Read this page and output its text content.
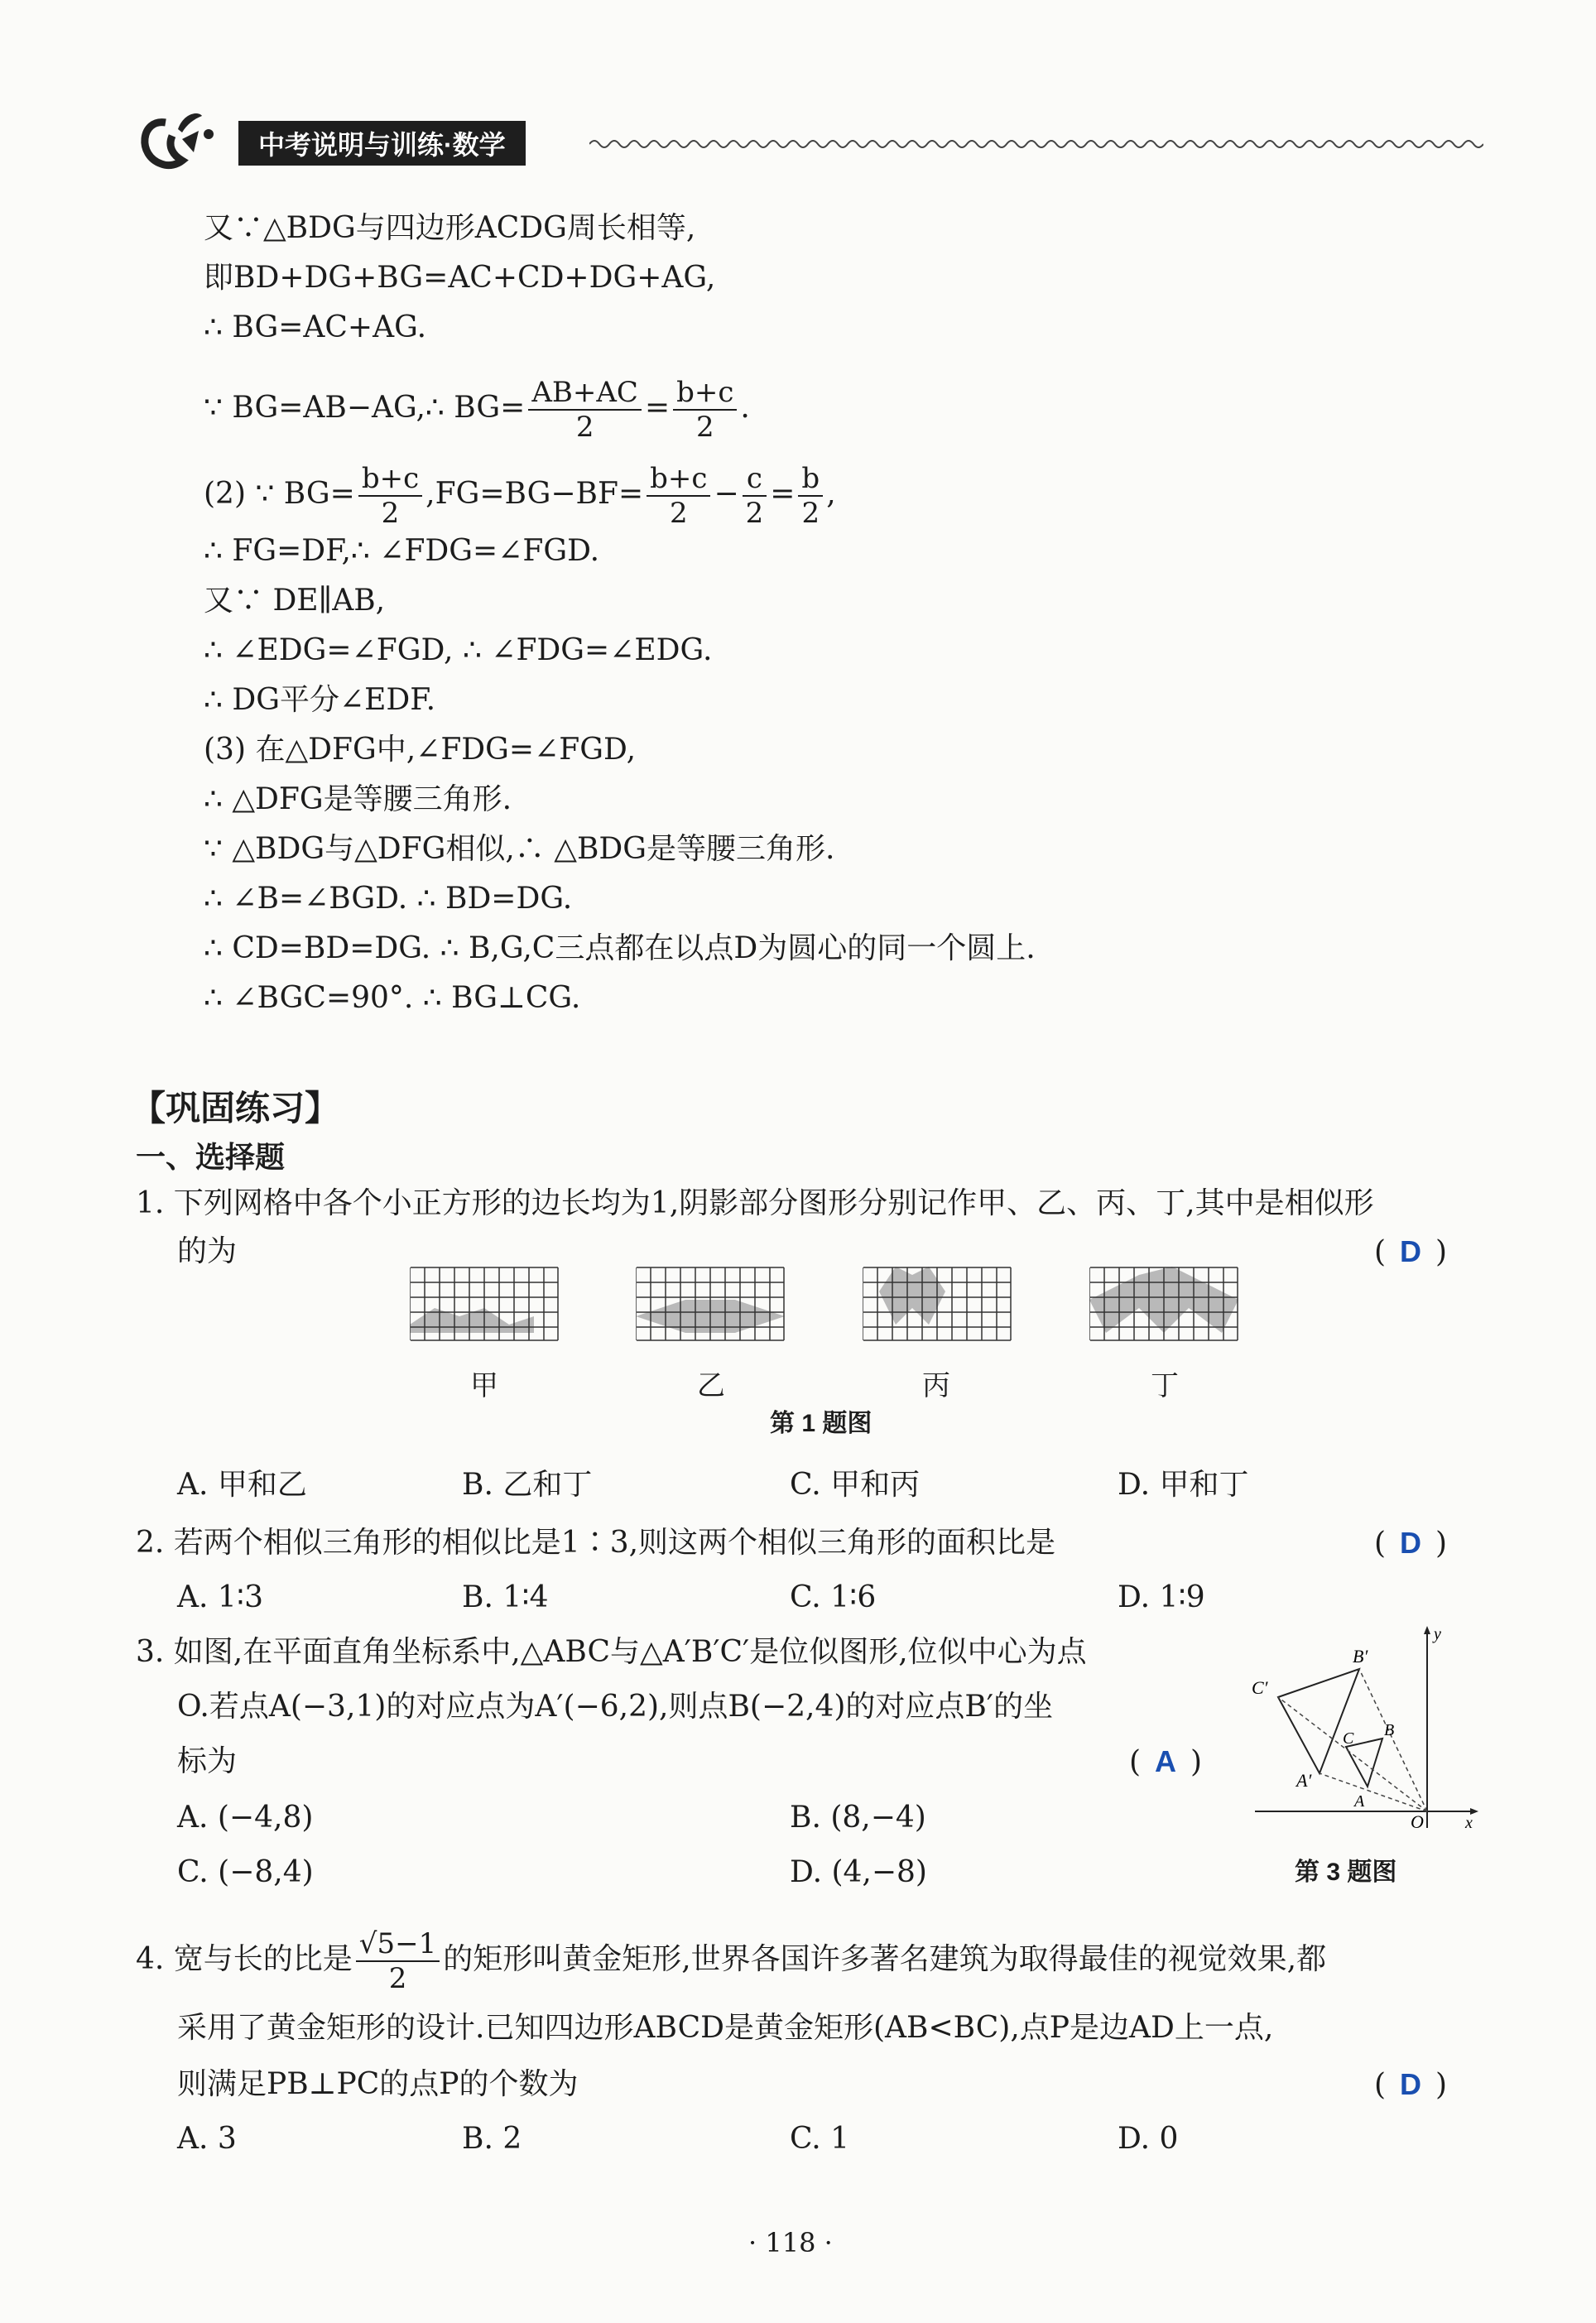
中考说明与训练·数学
又∵△BDG与四边形ACDG周长相等,
即BD+DG+BG=AC+CD+DG+AG,
∴ BG=AC+AG.
∵ BG=AB−AG,∴ $BG= \frac{AB+AC}{2} = \frac{b+c}{2}$ .
(2) ∵ $BG= \frac{b+c}{2} ,FG=BG-BF= \frac{b+c}{2} - \frac{c}{2} = \frac{b}{2}$ ,
∴ FG=DF,∴ ∠FDG=∠FGD.
又∵ DE∥AB,
∴ ∠EDG=∠FGD, ∴ ∠FDG=∠EDG.
∴ DG平分∠EDF.
(3) 在△DFG中,∠FDG=∠FGD,
∴ △DFG是等腰三角形.
∵ △BDG与△DFG相似,∴ △BDG是等腰三角形.
∴ ∠B=∠BGD. ∴ BD=DG.
∴ CD=BD=DG. ∴ B,G,C三点都在以点D为圆心的同一个圆上.
∴ ∠BGC=90°. ∴ BG⊥CG.
【巩固练习】
一、选择题
1. 下列网格中各个小正方形的边长均为1,阴影部分图形分别记作甲、乙、丙、丁,其中是相似形
的为	( D )
甲	乙	丙	丁
第 1 题图
A. 甲和乙	B. 乙和丁	C. 甲和丙	D. 甲和丁
2. 若两个相似三角形的相似比是1∶3,则这两个相似三角形的面积比是	( D )
A. 1∶3	B. 1∶4	C. 1∶6	D. 1∶9
3. 如图,在平面直角坐标系中,△ABC与△A′B′C′是位似图形,位似中心为点
O.若点A(−3,1)的对应点为A′(−6,2),则点B(−2,4)的对应点B′的坐
标为	( A )
A. (−4,8)	B. (8,−4)
C. (−8,4)	D. (4,−8)
B′
C′
C B
A′
A
O	x
y
第 3 题图
4. 宽与长的比是 $\frac{√5-1}{2}$ 的矩形叫黄金矩形,世界各国许多著名建筑为取得最佳的视觉效果,都
采用了黄金矩形的设计.已知四边形ABCD是黄金矩形(AB<BC),点P是边AD上一点,
则满足PB⊥PC的点P的个数为	( D )
A. 3	B. 2	C. 1	D. 0
· 118 ·
